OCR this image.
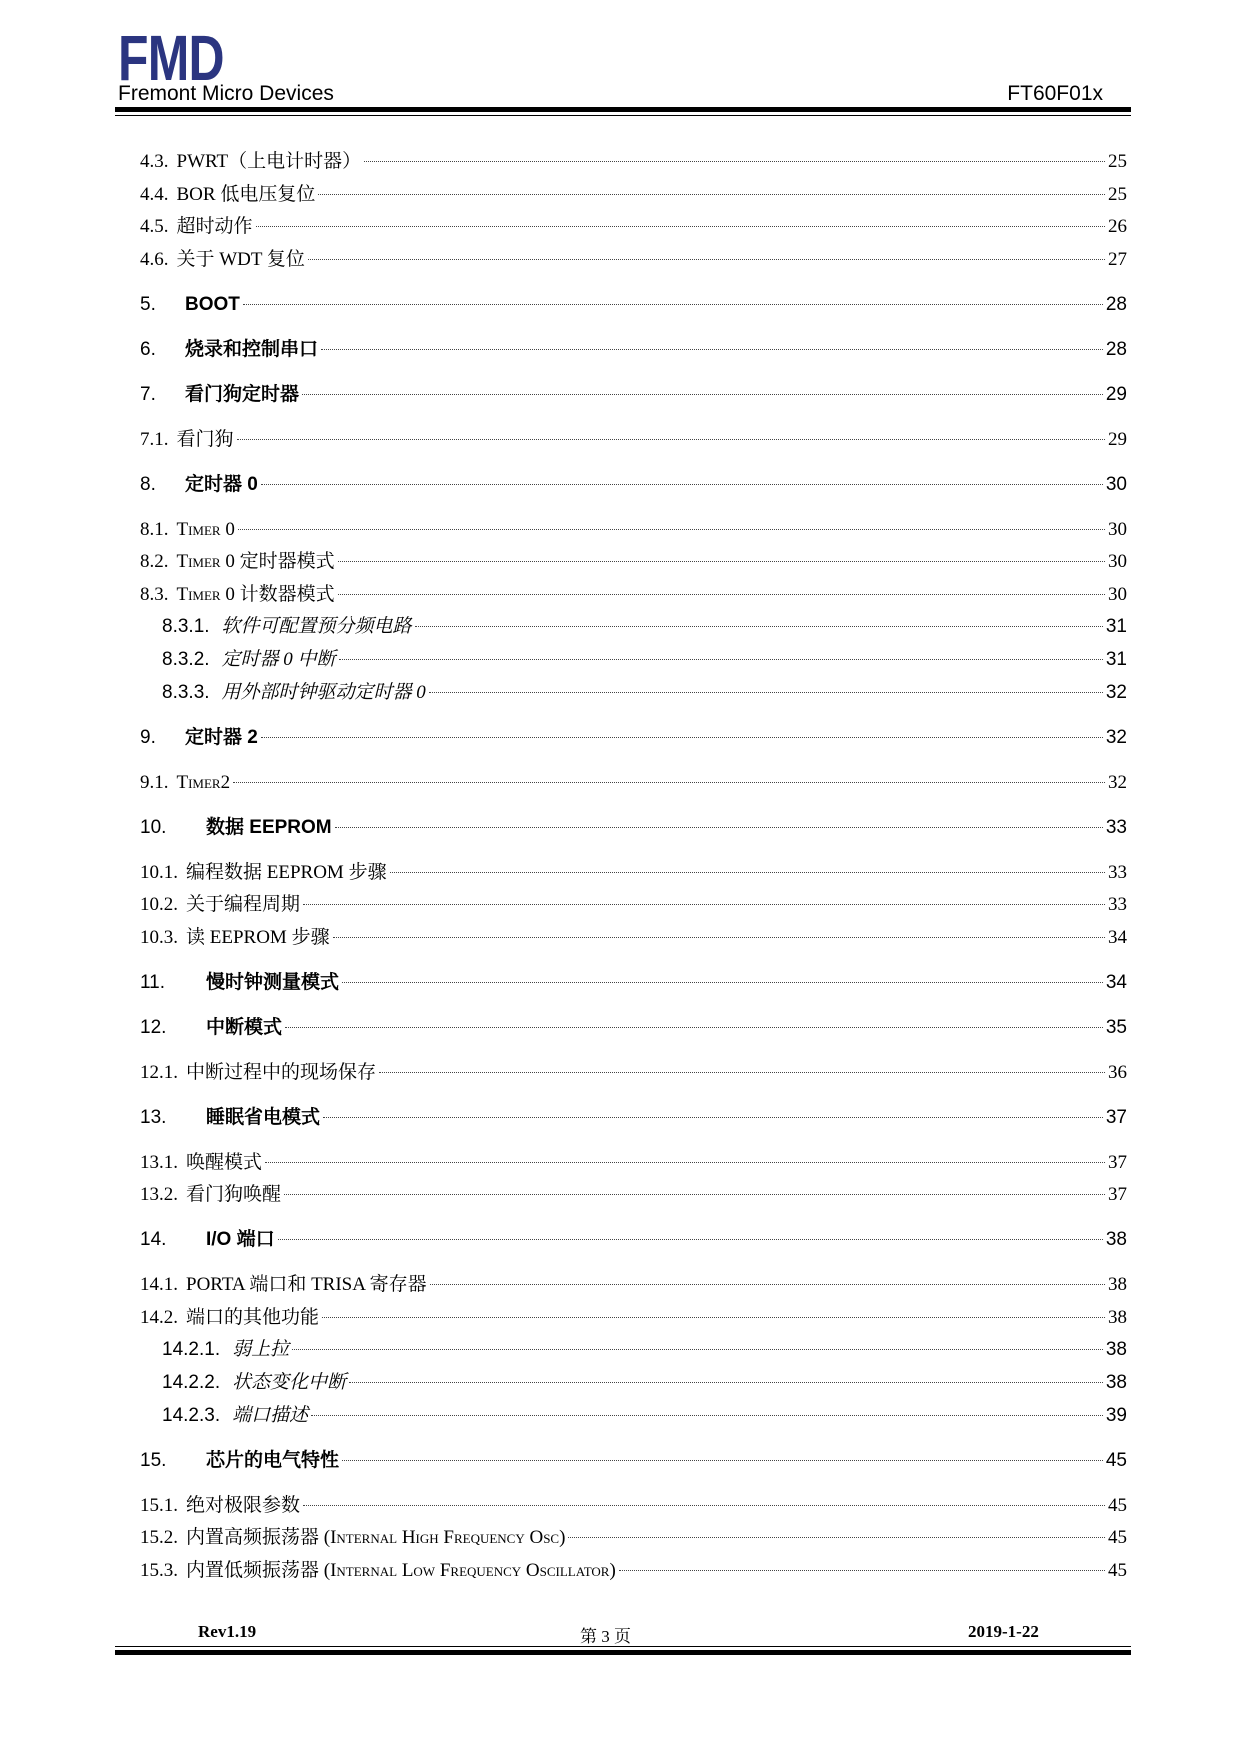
FMD
Fremont Micro Devices	FT60F01x
4.3. PWRT（上电计时器）	25
4.4. BOR 低电压复位	25
4.5. 超时动作	26
4.6. 关于 WDT 复位	27
5. BOOT	28
6. 烧录和控制串口	28
7. 看门狗定时器	29
7.1. 看门狗	29
8. 定时器 0	30
8.1. Timer 0	30
8.2. Timer 0 定时器模式	30
8.3. Timer 0 计数器模式	30
8.3.1. 软件可配置预分频电路	31
8.3.2. 定时器 0 中断	31
8.3.3. 用外部时钟驱动定时器 0	32
9. 定时器 2	32
9.1. Timer2	32
10. 数据 EEPROM	33
10.1. 编程数据 EEPROM 步骤	33
10.2. 关于编程周期	33
10.3. 读 EEPROM 步骤	34
11. 慢时钟测量模式	34
12. 中断模式	35
12.1. 中断过程中的现场保存	36
13. 睡眠省电模式	37
13.1. 唤醒模式	37
13.2. 看门狗唤醒	37
14. I/O 端口	38
14.1. PORTA 端口和 TRISA 寄存器	38
14.2. 端口的其他功能	38
14.2.1. 弱上拉	38
14.2.2. 状态变化中断	38
14.2.3. 端口描述	39
15. 芯片的电气特性	45
15.1. 绝对极限参数	45
15.2. 内置高频振荡器 (Internal High Frequency Osc)	45
15.3. 内置低频振荡器 (Internal Low Frequency Oscillator)	45
Rev1.19	第 3 页	2019-1-22
